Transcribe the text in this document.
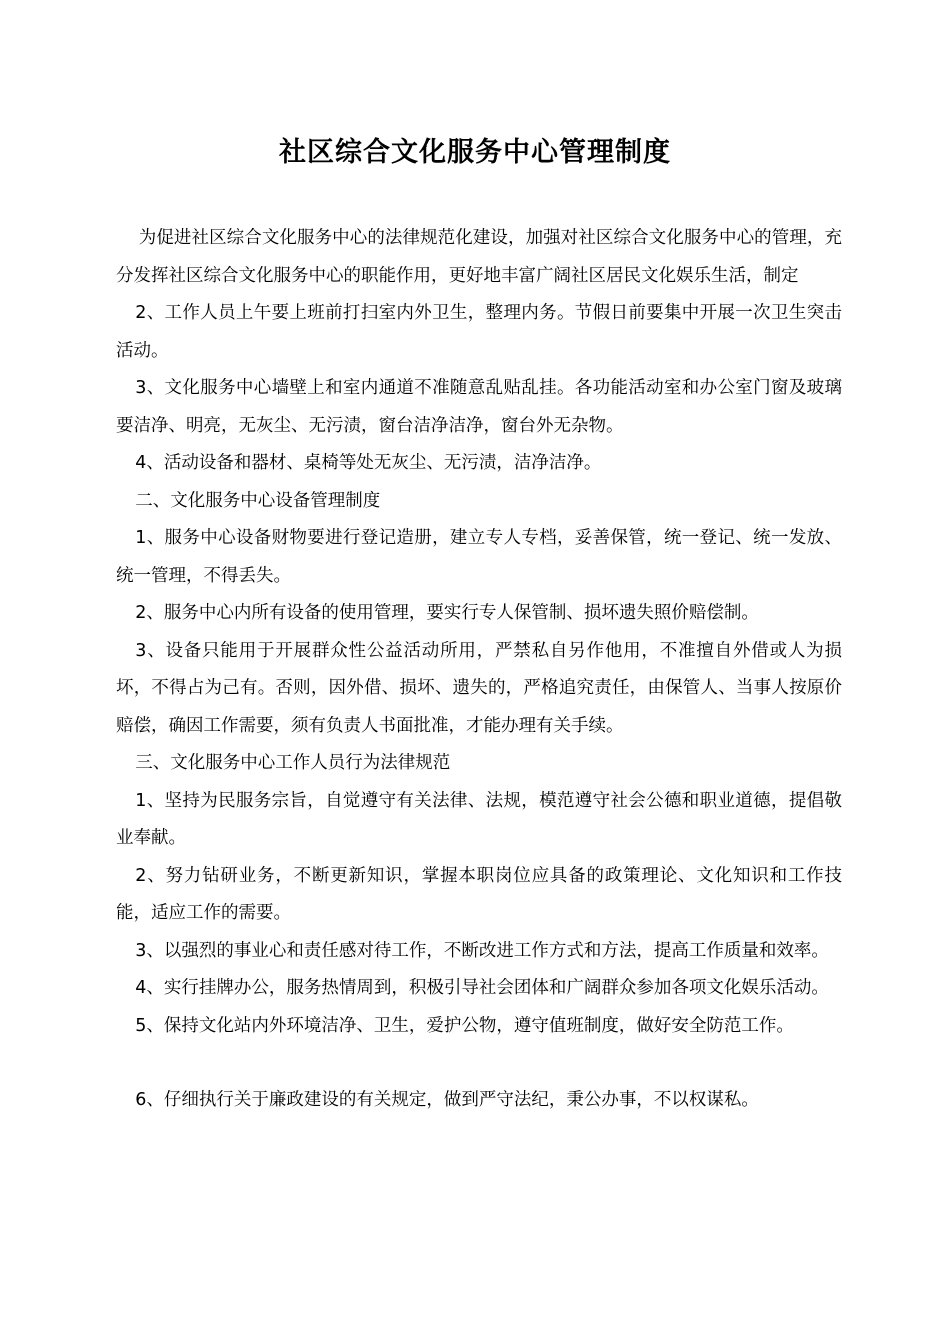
社区综合文化服务中心管理制度

为促进社区综合文化服务中心的法律规范化建设，加强对社区综合文化服务中心的管理，充分发挥社区综合文化服务中心的职能作用，更好地丰富广阔社区居民文化娱乐生活，制定

2、工作人员上午要上班前打扫室内外卫生，整理内务。节假日前要集中开展一次卫生突击活动。

3、文化服务中心墙壁上和室内通道不准随意乱贴乱挂。各功能活动室和办公室门窗及玻璃要洁净、明亮，无灰尘、无污渍，窗台洁净洁净，窗台外无杂物。

4、活动设备和器材、桌椅等处无灰尘、无污渍，洁净洁净。

二、文化服务中心设备管理制度

1、服务中心设备财物要进行登记造册，建立专人专档，妥善保管，统一登记、统一发放、统一管理，不得丢失。

2、服务中心内所有设备的使用管理，要实行专人保管制、损坏遗失照价赔偿制。

3、设备只能用于开展群众性公益活动所用，严禁私自另作他用，不准擅自外借或人为损坏，不得占为己有。否则，因外借、损坏、遗失的，严格追究责任，由保管人、当事人按原价赔偿，确因工作需要，须有负责人书面批准，才能办理有关手续。

三、文化服务中心工作人员行为法律规范

1、坚持为民服务宗旨，自觉遵守有关法律、法规，模范遵守社会公德和职业道德，提倡敬业奉献。

2、努力钻研业务，不断更新知识，掌握本职岗位应具备的政策理论、文化知识和工作技能，适应工作的需要。

3、以强烈的事业心和责任感对待工作，不断改进工作方式和方法，提高工作质量和效率。

4、实行挂牌办公，服务热情周到，积极引导社会团体和广阔群众参加各项文化娱乐活动。

5、保持文化站内外环境洁净、卫生，爱护公物，遵守值班制度，做好安全防范工作。

6、仔细执行关于廉政建设的有关规定，做到严守法纪，秉公办事，不以权谋私。
